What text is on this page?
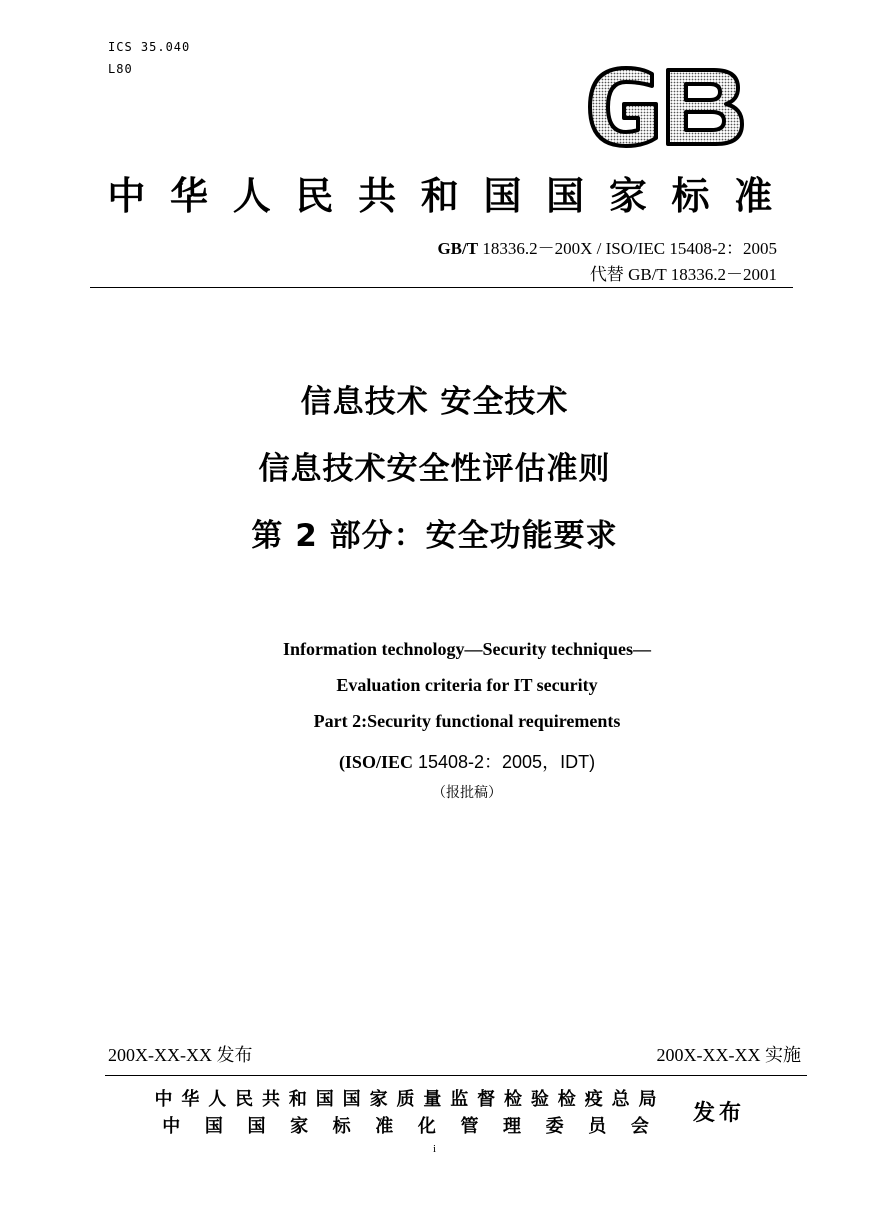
ICS 35.040
L80
中 华 人 民 共 和 国 国 家 标 准
GB/T 18336.2－200X / ISO/IEC 15408-2：2005
代替 GB/T 18336.2－2001
信息技术 安全技术
信息技术安全性评估准则
第 2 部分：安全功能要求
Information technology—Security techniques—
Evaluation criteria for IT security
Part 2:Security functional requirements
(ISO/IEC 15408-2：2005，IDT)
（报批稿）
200X-XX-XX 发布	200X-XX-XX 实施
中 华 人 民 共 和 国 国 家 质 量 监 督 检 验 检 疫 总 局
中 国 国 家 标 准 化 管 理 委 员 会
发布
i
